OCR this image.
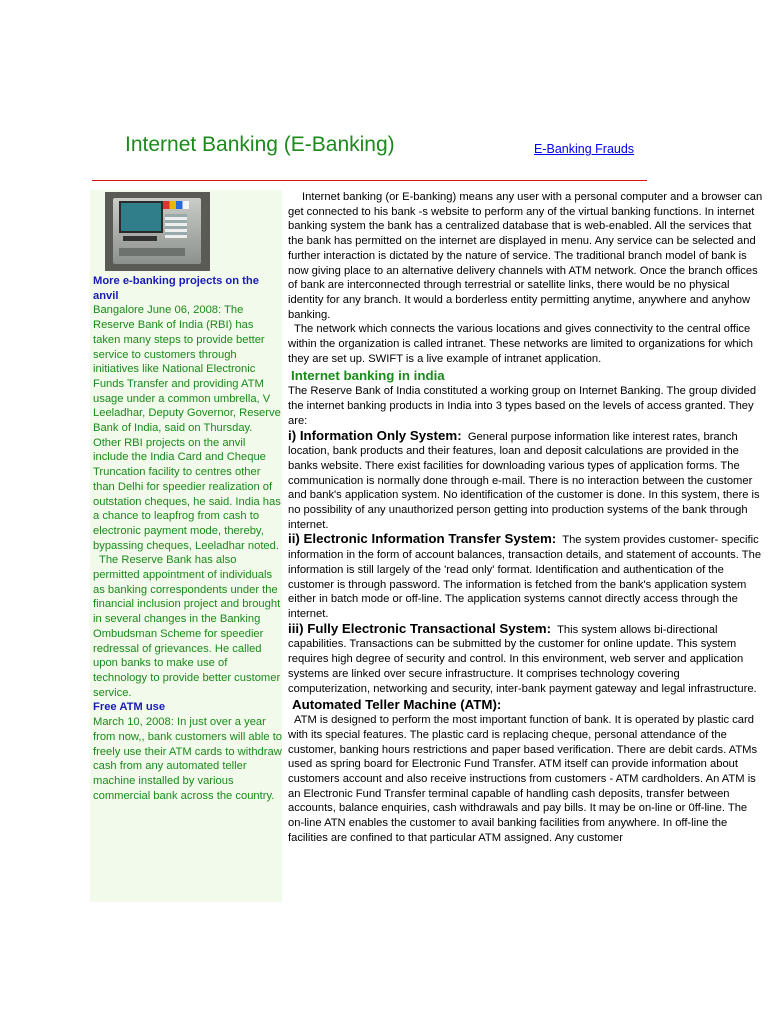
Internet Banking (E-Banking)	E-Banking Frauds
More e-banking projects on the anvil
Bangalore June 06, 2008: The Reserve Bank of India (RBI) has taken many steps to provide better service to customers through initiatives like National Electronic Funds Transfer and providing ATM usage under a common umbrella, V Leeladhar, Deputy Governor, Reserve Bank of India, said on Thursday. Other RBI projects on the anvil include the India Card and Cheque Truncation facility to centres other than Delhi for speedier realization of outstation cheques, he said. India has a chance to leapfrog from cash to electronic payment mode, thereby, bypassing cheques, Leeladhar noted.
The Reserve Bank has also permitted appointment of individuals as banking correspondents under the financial inclusion project and brought in several changes in the Banking Ombudsman Scheme for speedier redressal of grievances. He called upon banks to make use of technology to provide better customer service.
Free ATM use
March 10, 2008: In just over a year from now,, bank customers will able to freely use their ATM cards to withdraw cash from any automated teller machine installed by various commercial bank across the country.

Internet banking (or E-banking) means any user with a personal computer and a browser can get connected to his bank -s website to perform any of the virtual banking functions. In internet banking system the bank has a centralized database that is web-enabled. All the services that the bank has permitted on the internet are displayed in menu. Any service can be selected and further interaction is dictated by the nature of service. The traditional branch model of bank is now giving place to an alternative delivery channels with ATM network. Once the branch offices of bank are interconnected through terrestrial or satellite links, there would be no physical identity for any branch. It would a borderless entity permitting anytime, anywhere and anyhow banking.

The network which connects the various locations and gives connectivity to the central office within the organization is called intranet. These networks are limited to organizations for which they are set up. SWIFT is a live example of intranet application.

Internet banking in india

The Reserve Bank of India constituted a working group on Internet Banking. The group divided the internet banking products in India into 3 types based on the levels of access granted. They are:

i) Information Only System: General purpose information like interest rates, branch location, bank products and their features, loan and deposit calculations are provided in the banks website. There exist facilities for downloading various types of application forms. The communication is normally done through e-mail. There is no interaction between the customer and bank's application system. No identification of the customer is done. In this system, there is no possibility of any unauthorized person getting into production systems of the bank through internet.

ii) Electronic Information Transfer System: The system provides customer- specific information in the form of account balances, transaction details, and statement of accounts. The information is still largely of the 'read only' format. Identification and authentication of the customer is through password. The information is fetched from the bank's application system either in batch mode or off-line. The application systems cannot directly access through the internet.

iii) Fully Electronic Transactional System: This system allows bi-directional capabilities. Transactions can be submitted by the customer for online update. This system requires high degree of security and control. In this environment, web server and application systems are linked over secure infrastructure. It comprises technology covering computerization, networking and security, inter-bank payment gateway and legal infrastructure.

Automated Teller Machine (ATM):

ATM is designed to perform the most important function of bank. It is operated by plastic card with its special features. The plastic card is replacing cheque, personal attendance of the customer, banking hours restrictions and paper based verification. There are debit cards. ATMs used as spring board for Electronic Fund Transfer. ATM itself can provide information about customers account and also receive instructions from customers - ATM cardholders. An ATM is an Electronic Fund Transfer terminal capable of handling cash deposits, transfer between accounts, balance enquiries, cash withdrawals and pay bills. It may be on-line or 0ff-line. The on-line ATN enables the customer to avail banking facilities from anywhere. In off-line the facilities are confined to that particular ATM assigned. Any customer
